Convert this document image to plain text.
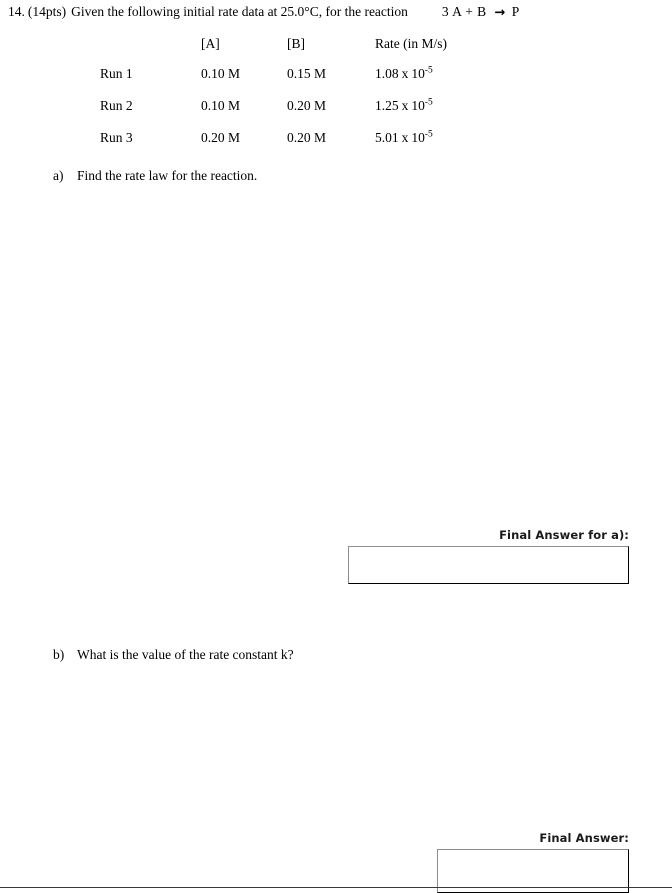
14. (14pts) Given the following initial rate data at 25.0°C, for the reaction	3 A + B → P
	[A]	[B]	Rate (in M/s)
Run 1	0.10 M	0.15 M	1.08 x $10^{-5}$
Run 2	0.10 M	0.20 M	1.25 x $10^{-5}$
Run 3	0.20 M	0.20 M	5.01 x $10^{-5}$
a) Find the rate law for the reaction.
Final Answer for a):
b) What is the value of the rate constant k?
Final Answer:
